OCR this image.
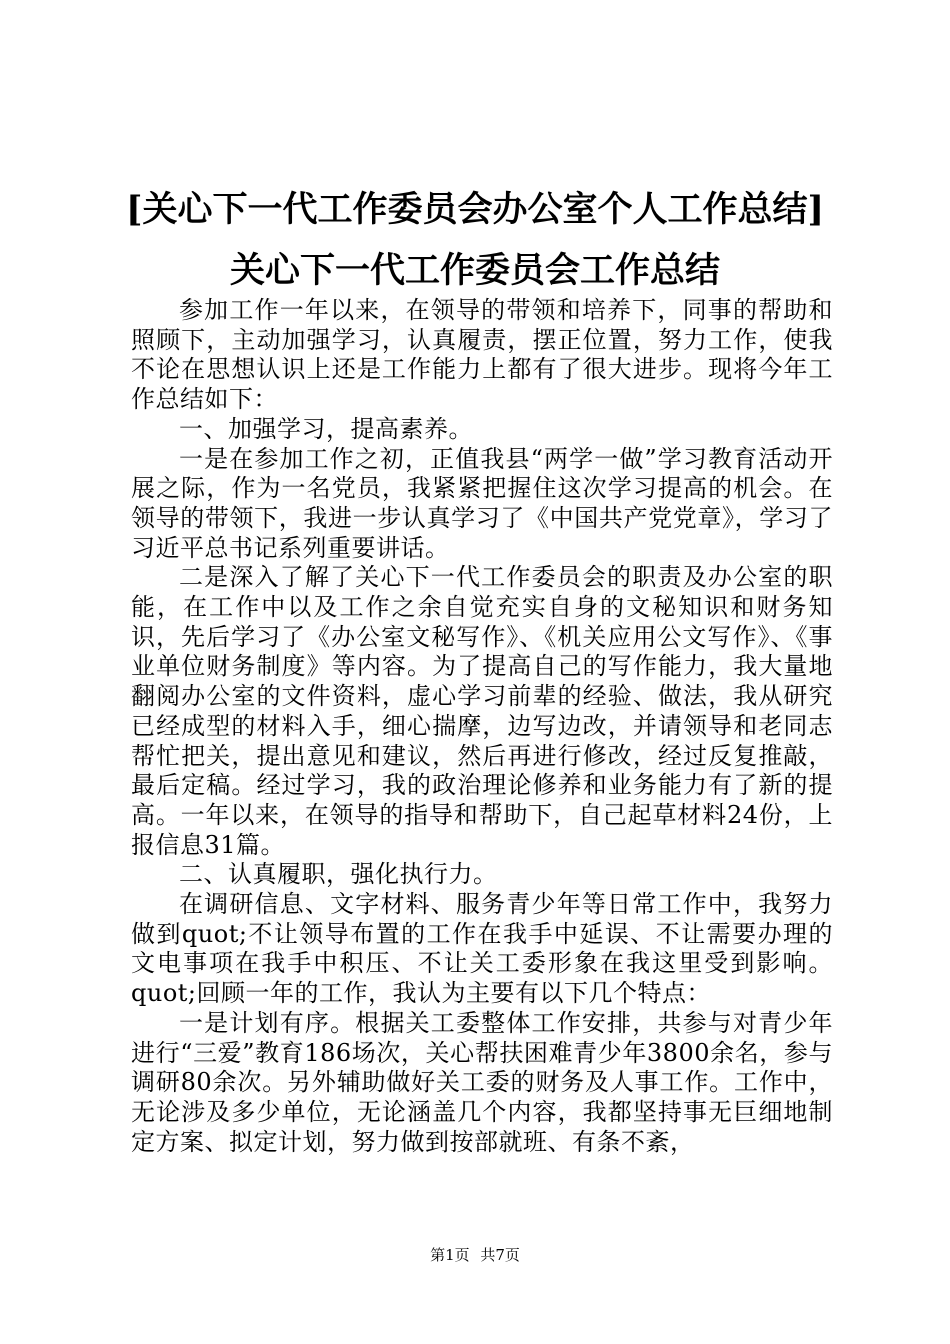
[关心下一代工作委员会办公室个人工作总结]
关心下一代工作委员会工作总结

参加工作一年以来，在领导的带领和培养下，同事的帮助和照顾下，主动加强学习，认真履责，摆正位置，努力工作，使我不论在思想认识上还是工作能力上都有了很大进步。现将今年工作总结如下：

一、加强学习，提高素养。

一是在参加工作之初，正值我县“两学一做”学习教育活动开展之际，作为一名党员，我紧紧把握住这次学习提高的机会。在领导的带领下，我进一步认真学习了《中国共产党党章》，学习了习近平总书记系列重要讲话。

二是深入了解了关心下一代工作委员会的职责及办公室的职能，在工作中以及工作之余自觉充实自身的文秘知识和财务知识，先后学习了《办公室文秘写作》、《机关应用公文写作》、《事业单位财务制度》等内容。为了提高自己的写作能力，我大量地翻阅办公室的文件资料，虚心学习前辈的经验、做法，我从研究已经成型的材料入手，细心揣摩，边写边改，并请领导和老同志帮忙把关，提出意见和建议，然后再进行修改，经过反复推敲，最后定稿。经过学习，我的政治理论修养和业务能力有了新的提高。一年以来，在领导的指导和帮助下，自己起草材料24份，上报信息31篇。

二、认真履职，强化执行力。

在调研信息、文字材料、服务青少年等日常工作中，我努力做到quot;不让领导布置的工作在我手中延误、不让需要办理的文电事项在我手中积压、不让关工委形象在我这里受到影响。quot;回顾一年的工作，我认为主要有以下几个特点：

一是计划有序。根据关工委整体工作安排，共参与对青少年进行“三爱”教育186场次，关心帮扶困难青少年3800余名，参与调研80余次。另外辅助做好关工委的财务及人事工作。工作中，无论涉及多少单位，无论涵盖几个内容，我都坚持事无巨细地制定方案、拟定计划，努力做到按部就班、有条不紊，

第1页 共7页
